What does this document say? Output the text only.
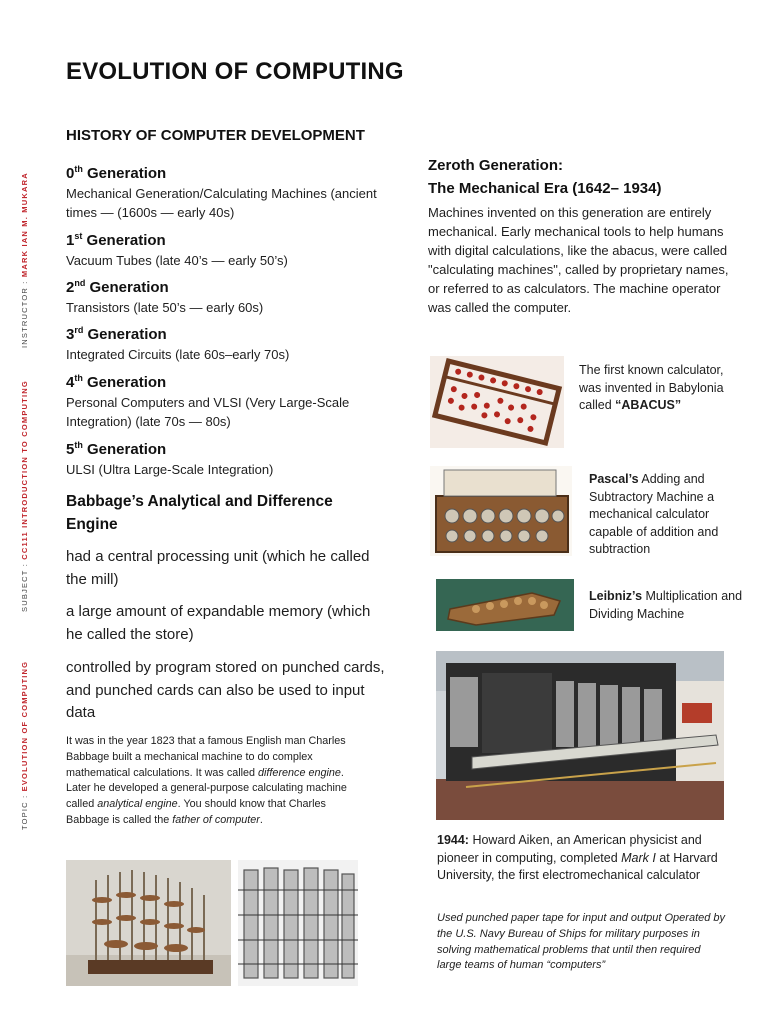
INSTRUCTOR : MARK IAN M. MUKARA
SUBJECT : CC111 INTRODUCTION TO COMPUTING
TOPIC : EVOLUTION OF COMPUTING
EVOLUTION OF COMPUTING
HISTORY OF COMPUTER DEVELOPMENT
0th Generation
Mechanical Generation/Calculating Machines (ancient times — (1600s — early 40s)
1st Generation
Vacuum Tubes (late 40’s — early 50’s)
2nd Generation
Transistors (late 50’s — early 60s)
3rd Generation
Integrated Circuits (late 60s–early 70s)
4th Generation
Personal Computers and VLSI (Very Large-Scale Integration) (late 70s — 80s)
5th Generation
ULSI (Ultra Large-Scale Integration)
Babbage’s Analytical and Difference Engine
had a central processing unit (which he called the mill)
a large amount of expandable memory (which he called the store)
controlled by program stored on punched cards, and punched cards can also be used to input data
It was in the year 1823 that a famous English man Charles Babbage built a mechanical machine to do complex mathematical calculations. It was called difference engine. Later he developed a general-purpose calculating machine called analytical engine. You should know that Charles Babbage is called the father of computer.
Zeroth Generation:
The Mechanical Era (1642– 1934)
Machines invented on this generation are entirely mechanical. Early mechanical tools to help humans with digital calculations, like the abacus, were called "calculating machines", called by proprietary names, or referred to as calculators. The machine operator was called the computer.
The first known calculator, was invented in Babylonia called “ABACUS”
Pascal’s Adding and Subtractory Machine a mechanical calculator capable of addition and subtraction
Leibniz’s Multiplication and Dividing Machine
1944: Howard Aiken, an American physicist and pioneer in computing, completed Mark I at Harvard University, the first electromechanical calculator
Used punched paper tape for input and output Operated by the U.S. Navy Bureau of Ships for military purposes in solving mathematical problems that until then required large teams of human “computers”
